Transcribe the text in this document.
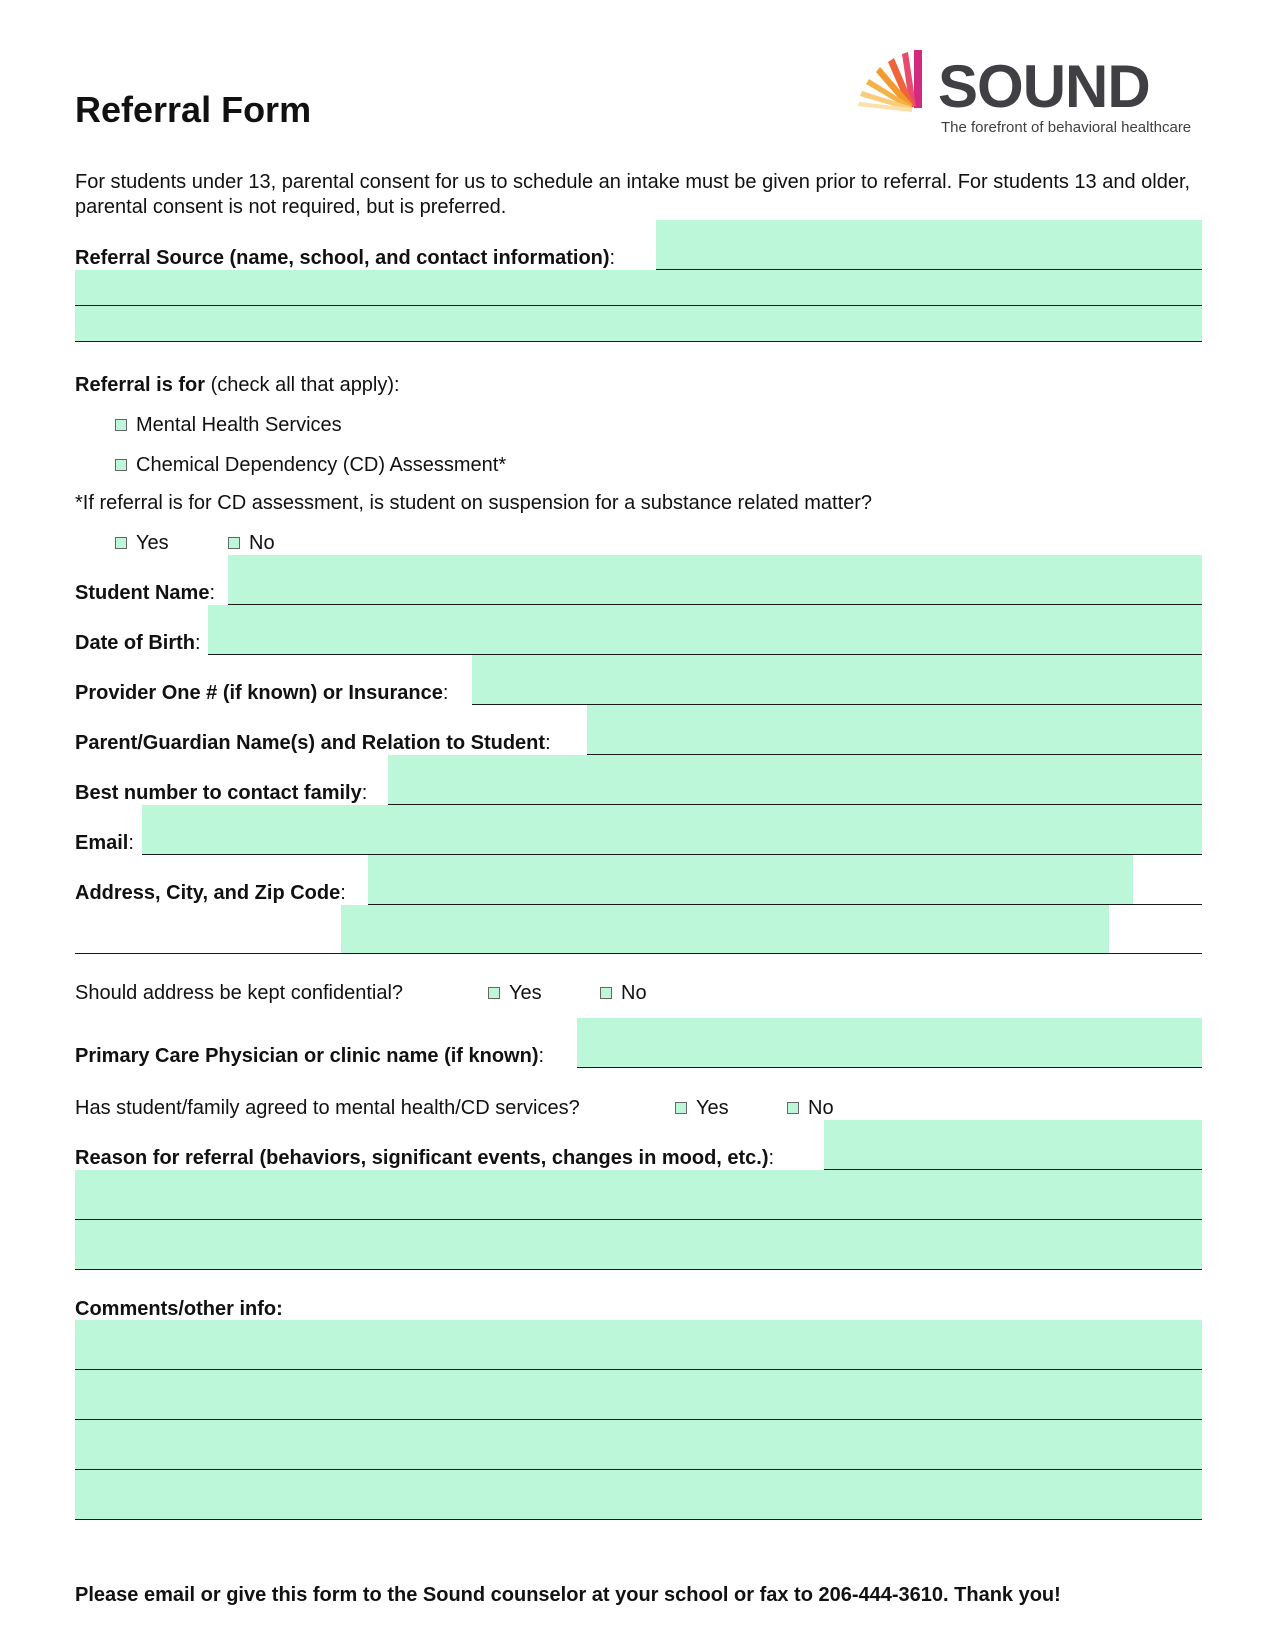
Referral Form	SOUND
The forefront of behavioral healthcare
For students under 13, parental consent for us to schedule an intake must be given prior to referral. For students 13 and older, parental consent is not required, but is preferred.
Referral Source (name, school, and contact information):
Referral is for (check all that apply):
Mental Health Services
Chemical Dependency (CD) Assessment*
*If referral is for CD assessment, is student on suspension for a substance related matter?
Yes	No
Student Name:
Date of Birth:
Provider One # (if known) or Insurance:
Parent/Guardian Name(s) and Relation to Student:
Best number to contact family:
Email:
Address, City, and Zip Code:
Should address be kept confidential?	Yes	No
Primary Care Physician or clinic name (if known):
Has student/family agreed to mental health/CD services?	Yes	No
Reason for referral (behaviors, significant events, changes in mood, etc.):
Comments/other info:
Please email or give this form to the Sound counselor at your school or fax to 206-444-3610. Thank you!
